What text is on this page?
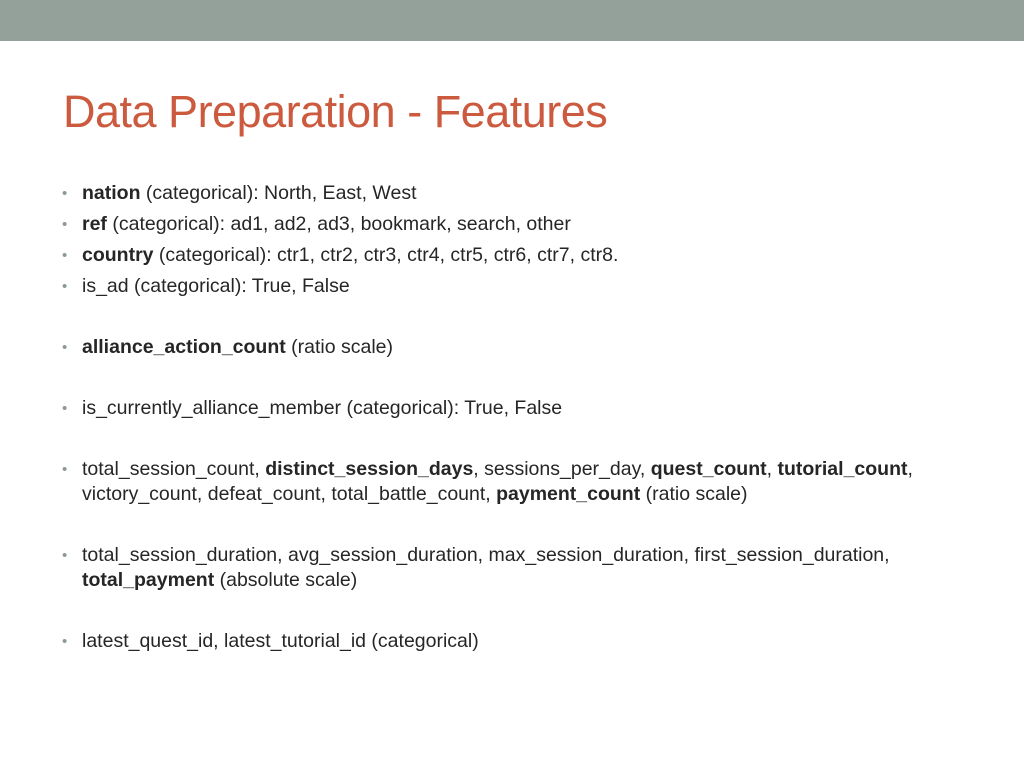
Data Preparation - Features
• nation (categorical): North, East, West
• ref (categorical): ad1, ad2, ad3, bookmark, search, other
• country (categorical): ctr1, ctr2, ctr3, ctr4, ctr5, ctr6, ctr7, ctr8.
• is_ad (categorical): True, False
• alliance_action_count (ratio scale)
• is_currently_alliance_member (categorical): True, False
• total_session_count, distinct_session_days, sessions_per_day, quest_count, tutorial_count, victory_count, defeat_count, total_battle_count, payment_count (ratio scale)
• total_session_duration, avg_session_duration, max_session_duration, first_session_duration, total_payment (absolute scale)
• latest_quest_id, latest_tutorial_id (categorical)
